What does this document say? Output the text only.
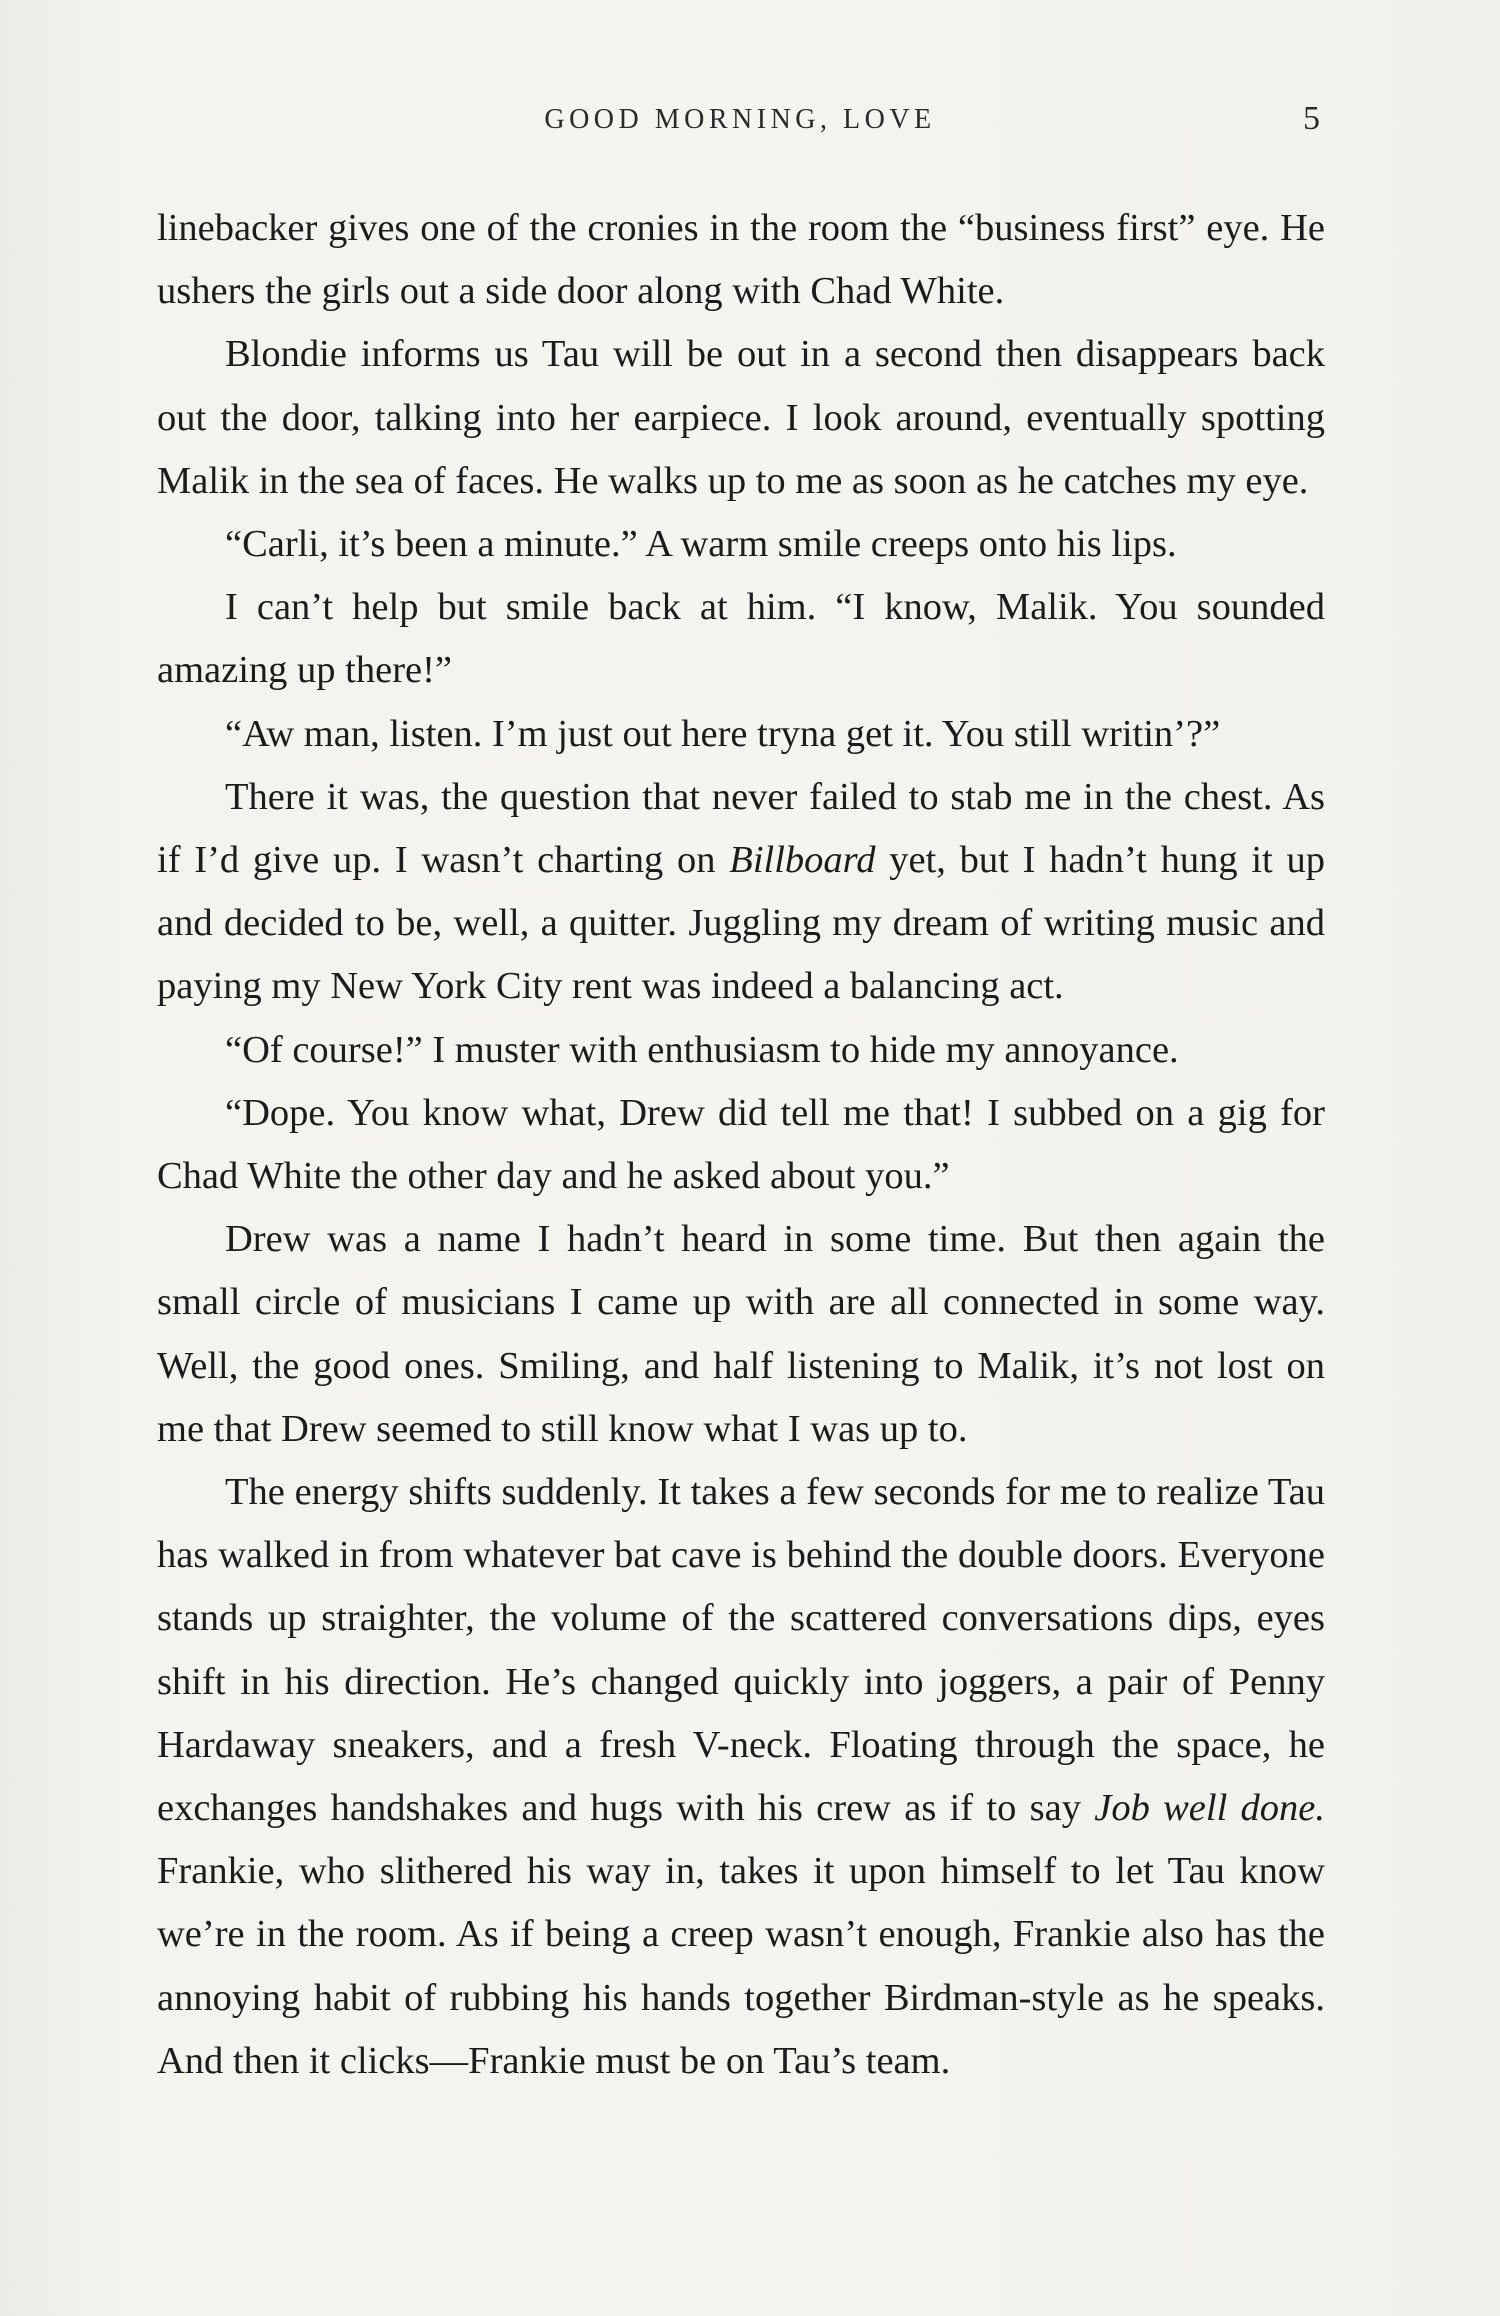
GOOD MORNING, LOVE	5

linebacker gives one of the cronies in the room the “business first” eye. He ushers the girls out a side door along with Chad White.

Blondie informs us Tau will be out in a second then disappears back out the door, talking into her earpiece. I look around, eventually spotting Malik in the sea of faces. He walks up to me as soon as he catches my eye.

“Carli, it’s been a minute.” A warm smile creeps onto his lips.

I can’t help but smile back at him. “I know, Malik. You sounded amazing up there!”

“Aw man, listen. I’m just out here tryna get it. You still writin’?”

There it was, the question that never failed to stab me in the chest. As if I’d give up. I wasn’t charting on Billboard yet, but I hadn’t hung it up and decided to be, well, a quitter. Juggling my dream of writing music and paying my New York City rent was indeed a balancing act.

“Of course!” I muster with enthusiasm to hide my annoyance.

“Dope. You know what, Drew did tell me that! I subbed on a gig for Chad White the other day and he asked about you.”

Drew was a name I hadn’t heard in some time. But then again the small circle of musicians I came up with are all connected in some way. Well, the good ones. Smiling, and half listening to Malik, it’s not lost on me that Drew seemed to still know what I was up to.

The energy shifts suddenly. It takes a few seconds for me to realize Tau has walked in from whatever bat cave is behind the double doors. Everyone stands up straighter, the volume of the scattered conversations dips, eyes shift in his direction. He’s changed quickly into joggers, a pair of Penny Hardaway sneakers, and a fresh V-neck. Floating through the space, he exchanges handshakes and hugs with his crew as if to say Job well done. Frankie, who slithered his way in, takes it upon himself to let Tau know we’re in the room. As if being a creep wasn’t enough, Frankie also has the annoying habit of rubbing his hands together Birdman-style as he speaks. And then it clicks—Frankie must be on Tau’s team.
